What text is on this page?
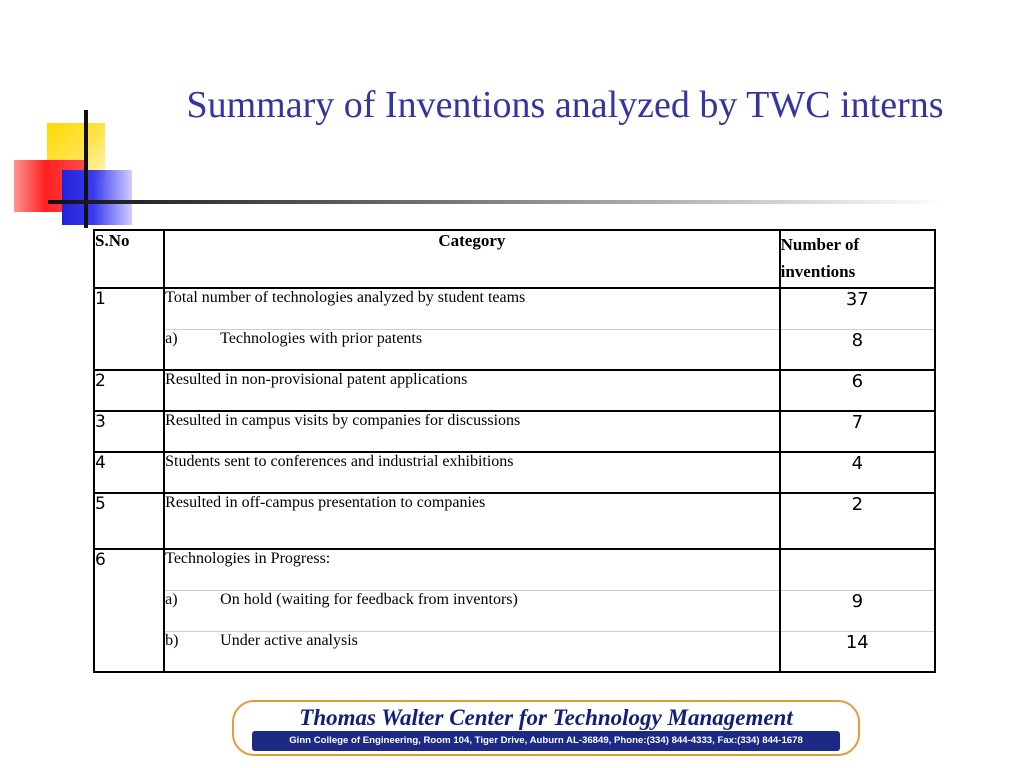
Summary of Inventions analyzed by TWC interns
S.No	Category	Number of inventions
1	Total number of technologies analyzed by student teams	37
	a) Technologies with prior patents	8
2	Resulted in non-provisional patent applications	6
3	Resulted in campus visits by companies for discussions	7
4	Students sent to conferences and industrial exhibitions	4
5	Resulted in off-campus presentation to companies	2
6	Technologies in Progress:	
	a) On hold (waiting for feedback from inventors)	9
	b) Under active analysis	14
Thomas Walter Center for Technology Management
Ginn College of Engineering, Room 104, Tiger Drive, Auburn AL-36849, Phone:(334) 844-4333, Fax:(334) 844-1678
